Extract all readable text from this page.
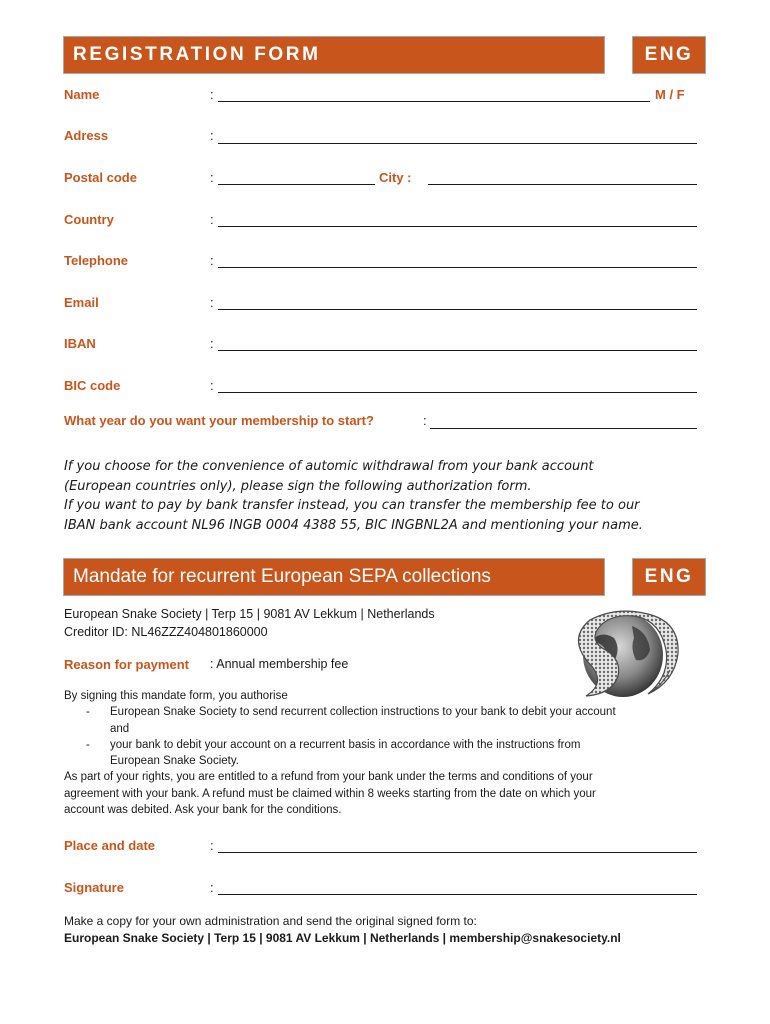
REGISTRATION FORM	ENG
Name	:	M / F
Adress	:
Postal code	:	City :
Country	:
Telephone	:
Email	:
IBAN	:
BIC code	:
What year do you want your membership to start?	:
If you choose for the convenience of automic withdrawal from your bank account
(European countries only), please sign the following authorization form.
If you want to pay by bank transfer instead, you can transfer the membership fee to our
IBAN bank account NL96 INGB 0004 4388 55, BIC INGBNL2A and mentioning your name.
Mandate for recurrent European SEPA collections	ENG
European Snake Society | Terp 15 | 9081 AV Lekkum | Netherlands
Creditor ID: NL46ZZZ404801860000
Reason for payment : Annual membership fee
By signing this mandate form, you authorise
- European Snake Society to send recurrent collection instructions to your bank to debit your account
and
- your bank to debit your account on a recurrent basis in accordance with the instructions from
European Snake Society.
As part of your rights, you are entitled to a refund from your bank under the terms and conditions of your
agreement with your bank. A refund must be claimed within 8 weeks starting from the date on which your
account was debited. Ask your bank for the conditions.
Place and date	:
Signature	:
Make a copy for your own administration and send the original signed form to:
European Snake Society | Terp 15 | 9081 AV Lekkum | Netherlands | membership@snakesociety.nl
